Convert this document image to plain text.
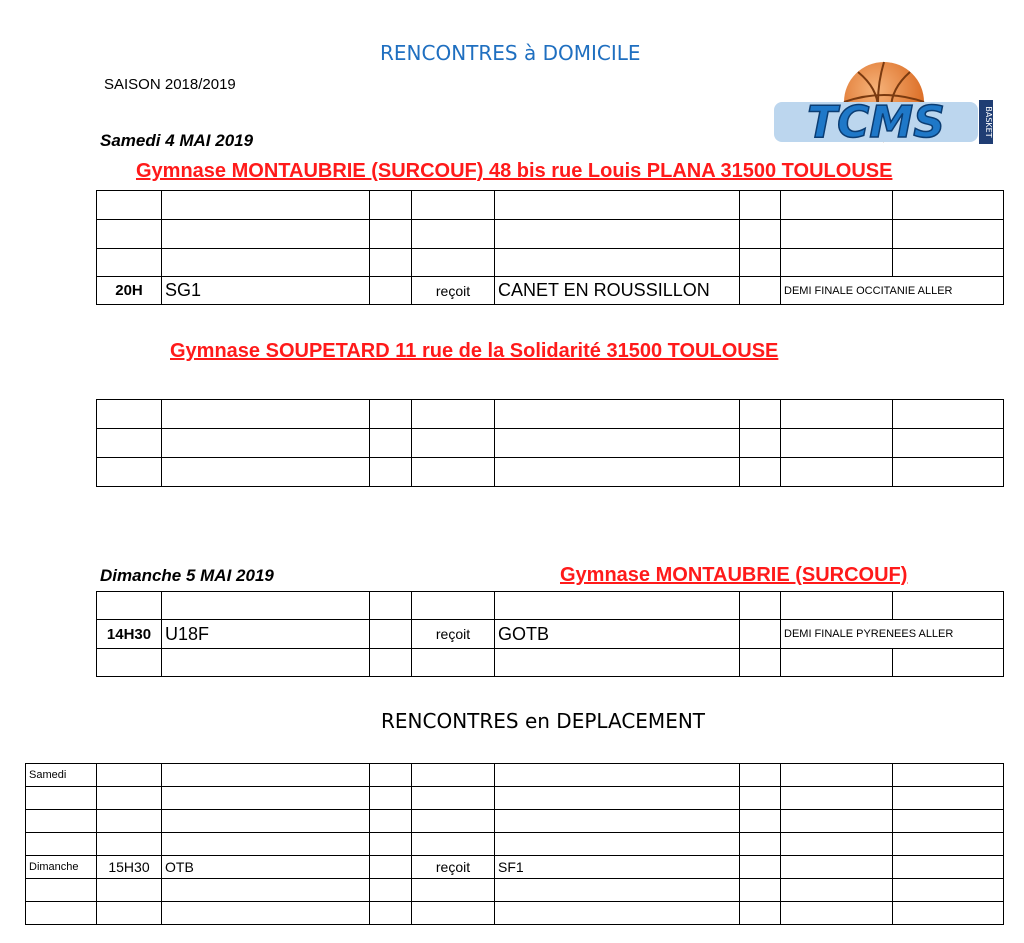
RENCONTRES à DOMICILE
SAISON 2018/2019
TCMS	BASKET
Samedi 4 MAI 2019
Gymnase MONTAUBRIE (SURCOUF) 48 bis rue Louis PLANA 31500 TOULOUSE

20H	SG1		reçoit	CANET EN ROUSSILLON		DEMI FINALE OCCITANIE ALLER	
Gymnase SOUPETARD 11 rue de la Solidarité 31500 TOULOUSE

Dimanche 5 MAI 2019	Gymnase MONTAUBRIE (SURCOUF)

14H30	U18F		reçoit	GOTB		DEMI FINALE PYRENEES ALLER	

RENCONTRES en DEPLACEMENT
Samedi								

Dimanche	15H30	OTB		reçoit	SF1			
